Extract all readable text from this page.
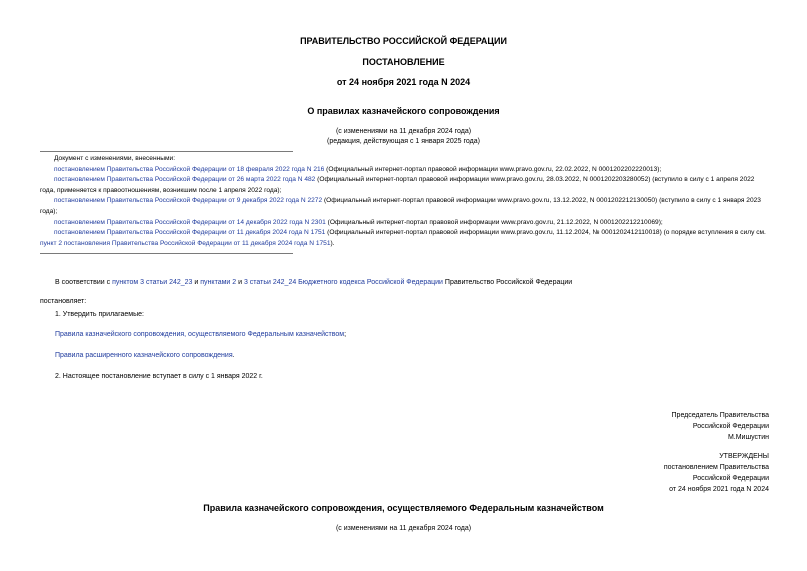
ПРАВИТЕЛЬСТВО РОССИЙСКОЙ ФЕДЕРАЦИИ
ПОСТАНОВЛЕНИЕ
от 24 ноября 2021 года N 2024
О правилах казначейского сопровождения
(с изменениями на 11 декабря 2024 года)
(редакция, действующая с 1 января 2025 года)
Документ с изменениями, внесенными:
постановлением Правительства Российской Федерации от 18 февраля 2022 года N 216 (Официальный интернет-портал правовой информации www.pravo.gov.ru, 22.02.2022, N 0001202202220013);
постановлением Правительства Российской Федерации от 26 марта 2022 года N 482 (Официальный интернет-портал правовой информации www.pravo.gov.ru, 28.03.2022, N 0001202203280052) (вступило в силу с 1 апреля 2022 года, применяется к правоотношениям, возникшим после 1 апреля 2022 года);
постановлением Правительства Российской Федерации от 9 декабря 2022 года N 2272 (Официальный интернет-портал правовой информации www.pravo.gov.ru, 13.12.2022, N 0001202212130050) (вступило в силу с 1 января 2023 года);
постановлением Правительства Российской Федерации от 14 декабря 2022 года N 2301 (Официальный интернет-портал правовой информации www.pravo.gov.ru, 21.12.2022, N 0001202212210069);
постановлением Правительства Российской Федерации от 11 декабря 2024 года N 1751 (Официальный интернет-портал правовой информации www.pravo.gov.ru, 11.12.2024, № 0001202412110018) (о порядке вступления в силу см. пункт 2 постановления Правительства Российской Федерации от 11 декабря 2024 года N 1751).
В соответствии с пунктом 3 статьи 242_23 и пунктами 2 и 3 статьи 242_24 Бюджетного кодекса Российской Федерации Правительство Российской Федерации
постановляет:
1. Утвердить прилагаемые:
Правила казначейского сопровождения, осуществляемого Федеральным казначейством;
Правила расширенного казначейского сопровождения.
2. Настоящее постановление вступает в силу с 1 января 2022 г.
Председатель Правительства
Российской Федерации
М.Мишустин
УТВЕРЖДЕНЫ
постановлением Правительства
Российской Федерации
от 24 ноября 2021 года N 2024
Правила казначейского сопровождения, осуществляемого Федеральным казначейством
(с изменениями на 11 декабря 2024 года)
